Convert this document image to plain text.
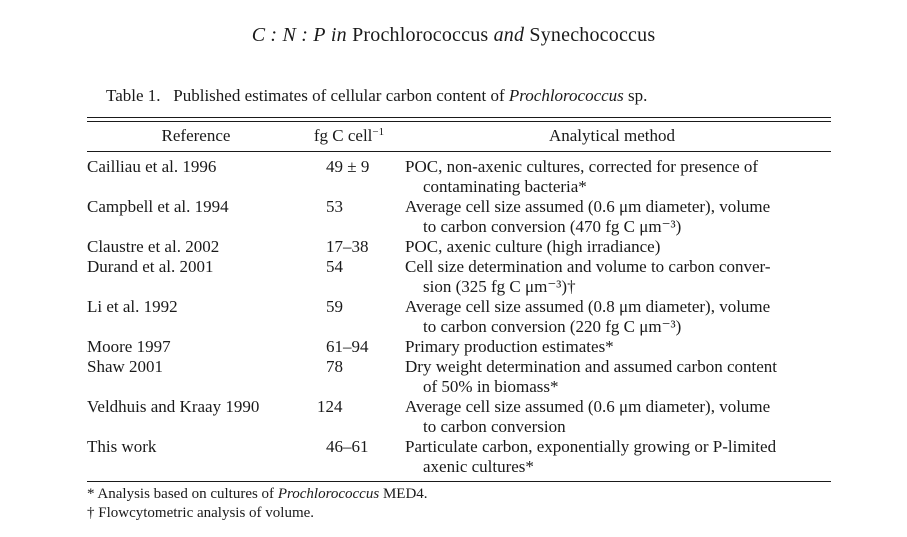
C : N : P in Prochlorococcus and Synechococcus
Table 1. Published estimates of cellular carbon content of Prochlorococcus sp.
Reference	fg C cell$^{-1}$	Analytical method
Cailliau et al. 1996	49 ± 9 POC, non-axenic cultures, corrected for presence of
contaminating bacteria*
Campbell et al. 1994	53	Average cell size assumed (0.6 μm diameter), volume
to carbon conversion (470 fg C μm⁻³)
Claustre et al. 2002	17–38 POC, axenic culture (high irradiance)
Durand et al. 2001	54	Cell size determination and volume to carbon conver-
sion (325 fg C μm⁻³)†
Li et al. 1992	59	Average cell size assumed (0.8 μm diameter), volume
to carbon conversion (220 fg C μm⁻³)
Moore 1997	61–94 Primary production estimates*
Shaw 2001	78	Dry weight determination and assumed carbon content
of 50% in biomass*
Veldhuis and Kraay 1990	124	Average cell size assumed (0.6 μm diameter), volume
to carbon conversion
This work	46–61 Particulate carbon, exponentially growing or P-limited
axenic cultures*
* Analysis based on cultures of Prochlorococcus MED4.
† Flowcytometric analysis of volume.
